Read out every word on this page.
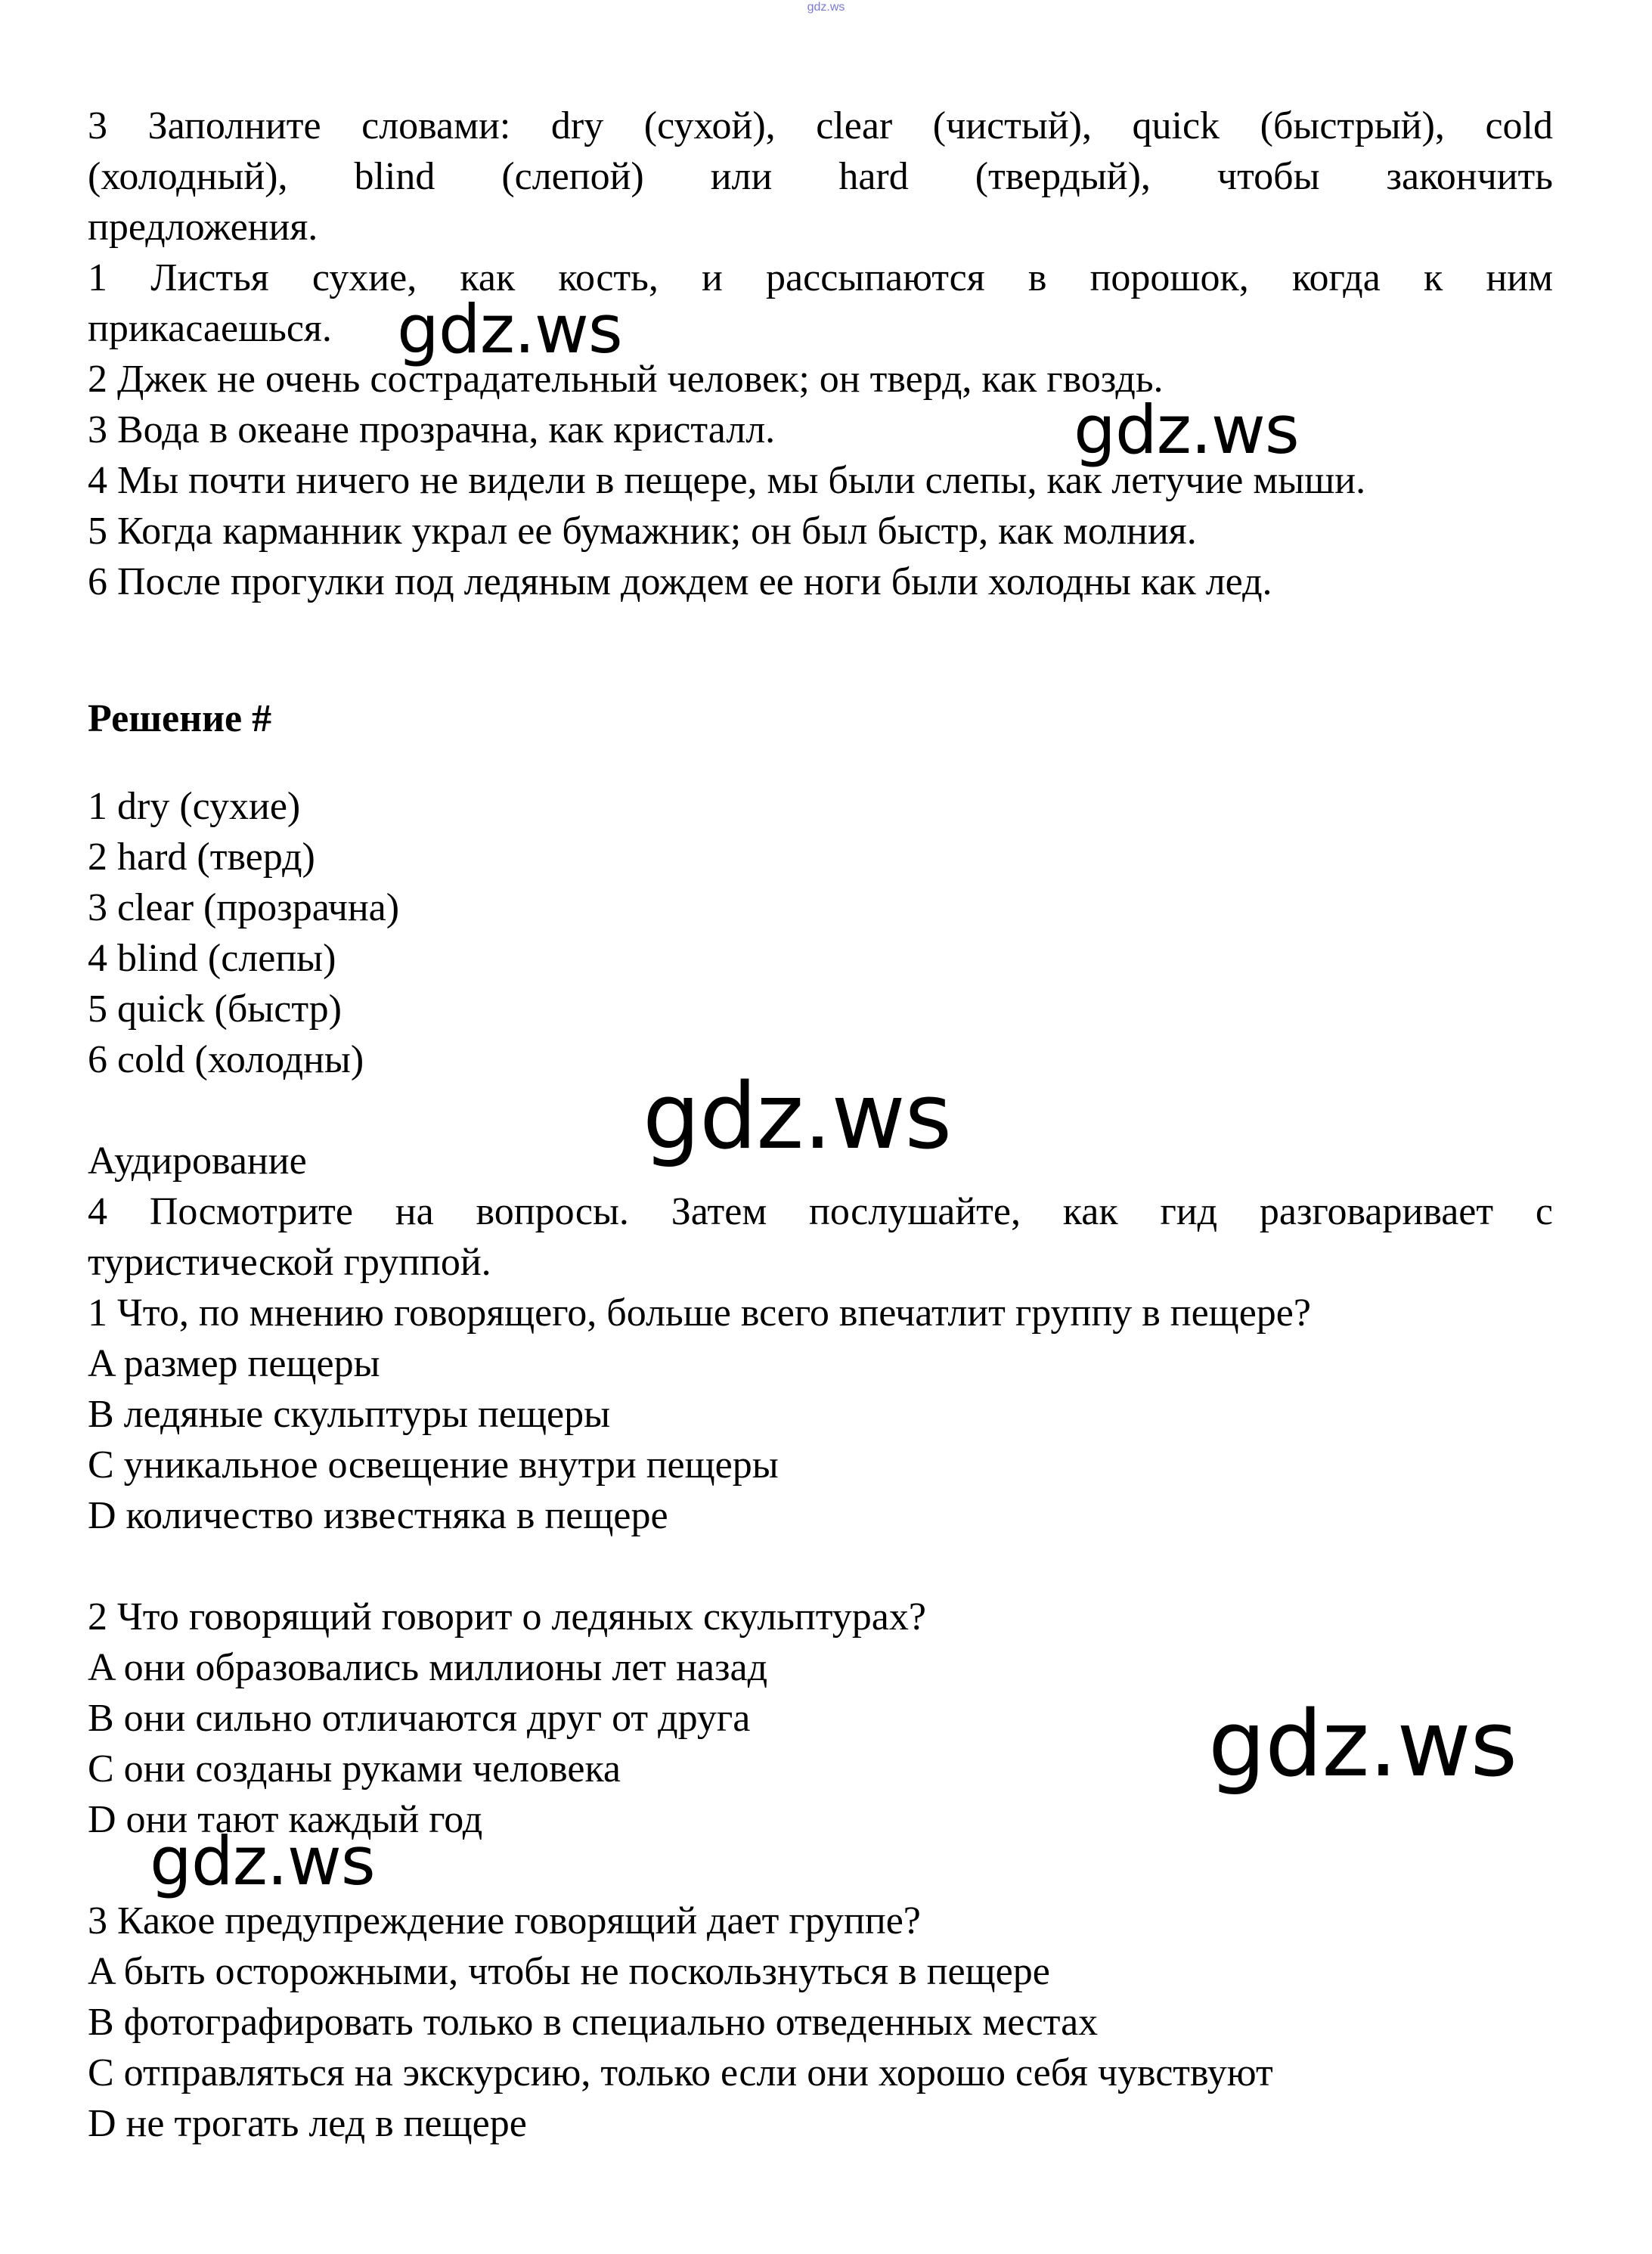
gdz.ws

3 Заполните словами: dry (сухой), clear (чистый), quick (быстрый), cold

(холодный), blind (слепой) или hard (твердый), чтобы закончить

предложения.

1 Листья сухие, как кость, и рассыпаются в порошок, когда к ним

прикасаешься.

2 Джек не очень сострадательный человек; он тверд, как гвоздь.

3 Вода в океане прозрачна, как кристалл.

4 Мы почти ничего не видели в пещере, мы были слепы, как летучие мыши.

5 Когда карманник украл ее бумажник; он был быстр, как молния.

6 После прогулки под ледяным дождем ее ноги были холодны как лед.

Решение #

1 dry (сухие)

2 hard (тверд)

3 clear (прозрачна)

4 blind (слепы)

5 quick (быстр)

6 cold (холодны)

Аудирование

4 Посмотрите на вопросы. Затем послушайте, как гид разговаривает с

туристической группой.

1 Что, по мнению говорящего, больше всего впечатлит группу в пещере?

A размер пещеры

B ледяные скульптуры пещеры

C уникальное освещение внутри пещеры

D количество известняка в пещере

2 Что говорящий говорит о ледяных скульптурах?

A они образовались миллионы лет назад

B они сильно отличаются друг от друга

C они созданы руками человека

D они тают каждый год

3 Какое предупреждение говорящий дает группе?

A быть осторожными, чтобы не поскользнуться в пещере

B фотографировать только в специально отведенных местах

C отправляться на экскурсию, только если они хорошо себя чувствуют

D не трогать лед в пещере

gdz.ws
gdz.ws
gdz.ws
gdz.ws
gdz.ws
